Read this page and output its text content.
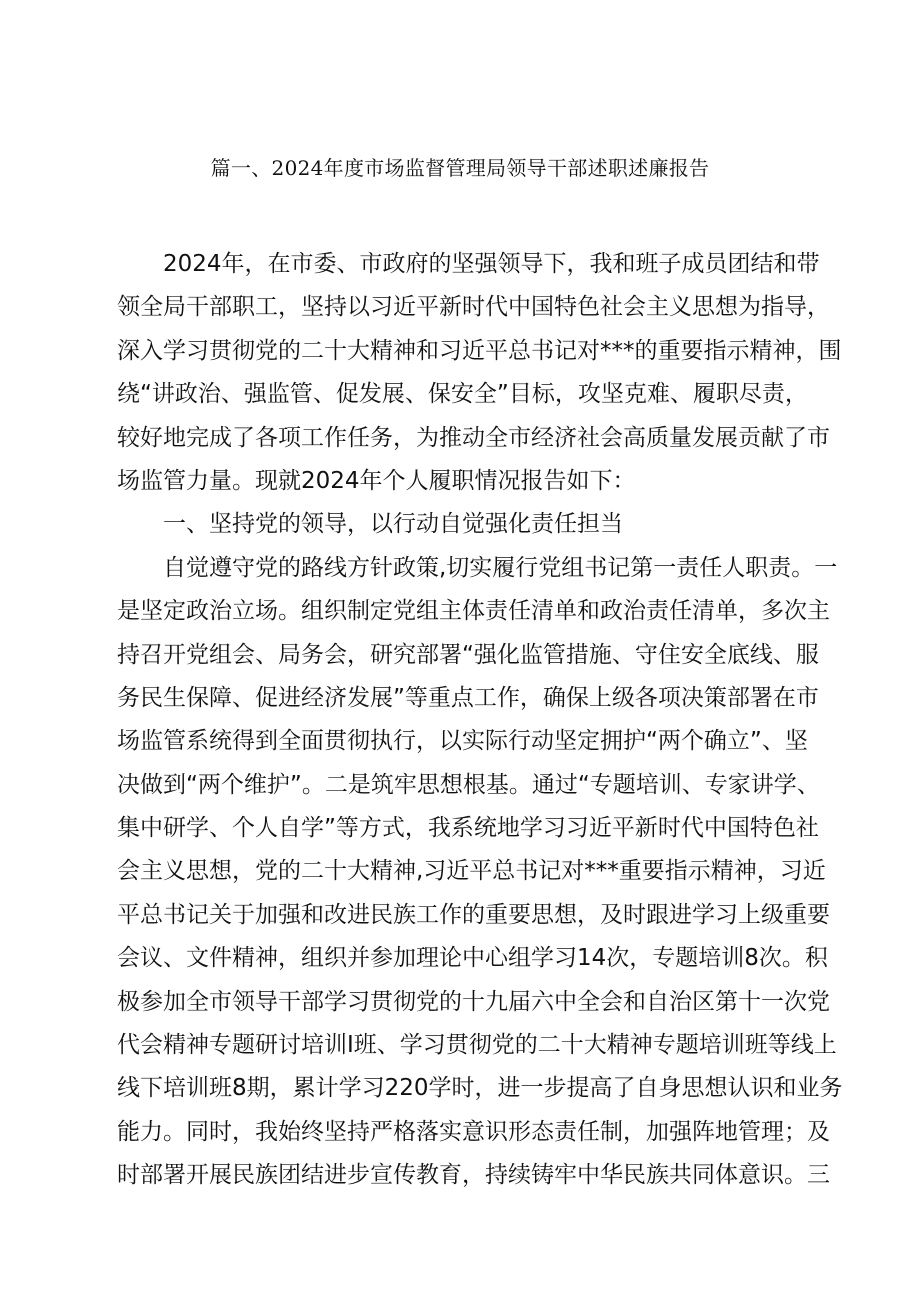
篇一、2024年度市场监督管理局领导干部述职述廉报告
2024年，在市委、市政府的坚强领导下，我和班子成员团结和带
领全局干部职工，坚持以习近平新时代中国特色社会主义思想为指导，
深入学习贯彻党的二十大精神和习近平总书记对***的重要指示精神，围
绕“讲政治、强监管、促发展、保安全”目标，攻坚克难、履职尽责，
较好地完成了各项工作任务，为推动全市经济社会高质量发展贡献了市
场监管力量。现就2024年个人履职情况报告如下：
一、坚持党的领导，以行动自觉强化责任担当
自觉遵守党的路线方针政策,切实履行党组书记第一责任人职责。一
是坚定政治立场。组织制定党组主体责任清单和政治责任清单，多次主
持召开党组会、局务会，研究部署“强化监管措施、守住安全底线、服
务民生保障、促进经济发展”等重点工作，确保上级各项决策部署在市
场监管系统得到全面贯彻执行，以实际行动坚定拥护“两个确立”、坚
决做到“两个维护”。二是筑牢思想根基。通过“专题培训、专家讲学、
集中研学、个人自学”等方式，我系统地学习习近平新时代中国特色社
会主义思想，党的二十大精神,习近平总书记对***重要指示精神，习近
平总书记关于加强和改进民族工作的重要思想，及时跟进学习上级重要
会议、文件精神，组织并参加理论中心组学习14次，专题培训8次。积
极参加全市领导干部学习贯彻党的十九届六中全会和自治区第十一次党
代会精神专题研讨培训I班、学习贯彻党的二十大精神专题培训班等线上
线下培训班8期，累计学习220学时，进一步提高了自身思想认识和业务
能力。同时，我始终坚持严格落实意识形态责任制，加强阵地管理；及
时部署开展民族团结进步宣传教育，持续铸牢中华民族共同体意识。三
